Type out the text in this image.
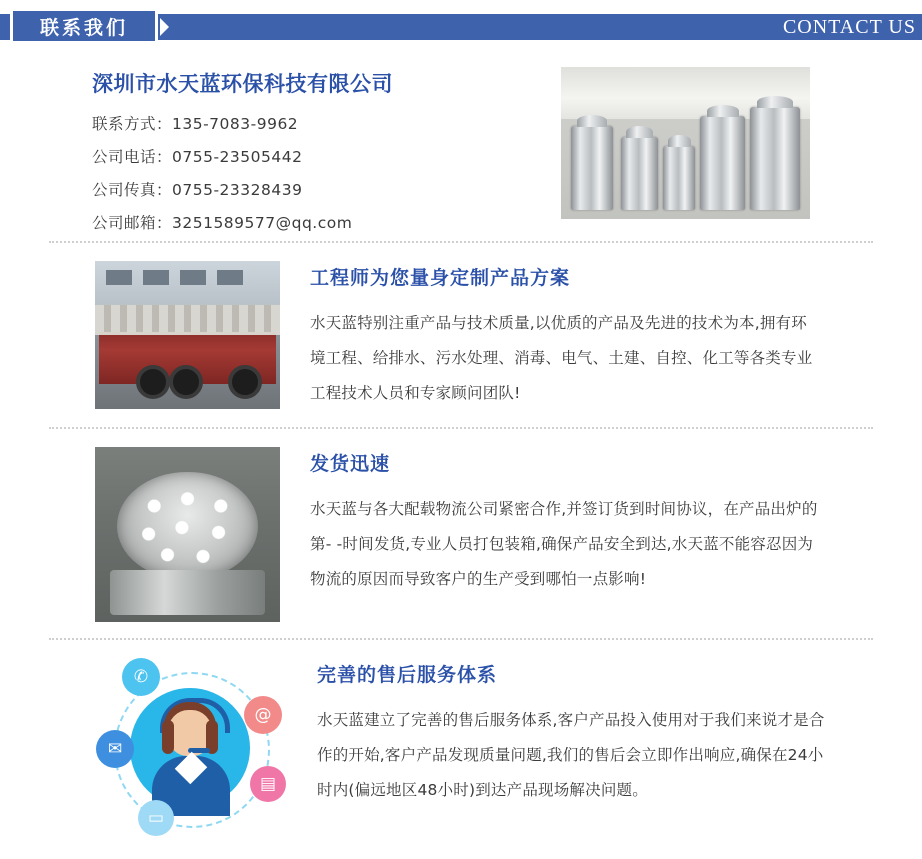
联系我们	CONTACT US
深圳市水天蓝环保科技有限公司
联系方式：135-7083-9962
公司电话：0755-23505442
公司传真：0755-23328439
公司邮箱：3251589577@qq.com
工程师为您量身定制产品方案
水天蓝特别注重产品与技术质量,以优质的产品及先进的技术为本,拥有环境工程、给排水、污水处理、消毒、电气、土建、自控、化工等各类专业工程技术人员和专家顾问团队!
发货迅速
水天蓝与各大配载物流公司紧密合作,并签订货到时间协议，在产品出炉的第- -时间发货,专业人员打包装箱,确保产品安全到达,水天蓝不能容忍因为物流的原因而导致客户的生产受到哪怕一点影响!
✆
@
✉
▤
▭
完善的售后服务体系
水天蓝建立了完善的售后服务体系,客户产品投入使用对于我们来说才是合作的开始,客户产品发现质量问题,我们的售后会立即作出响应,确保在24小时内(偏远地区48小时)到达产品现场解决问题。
